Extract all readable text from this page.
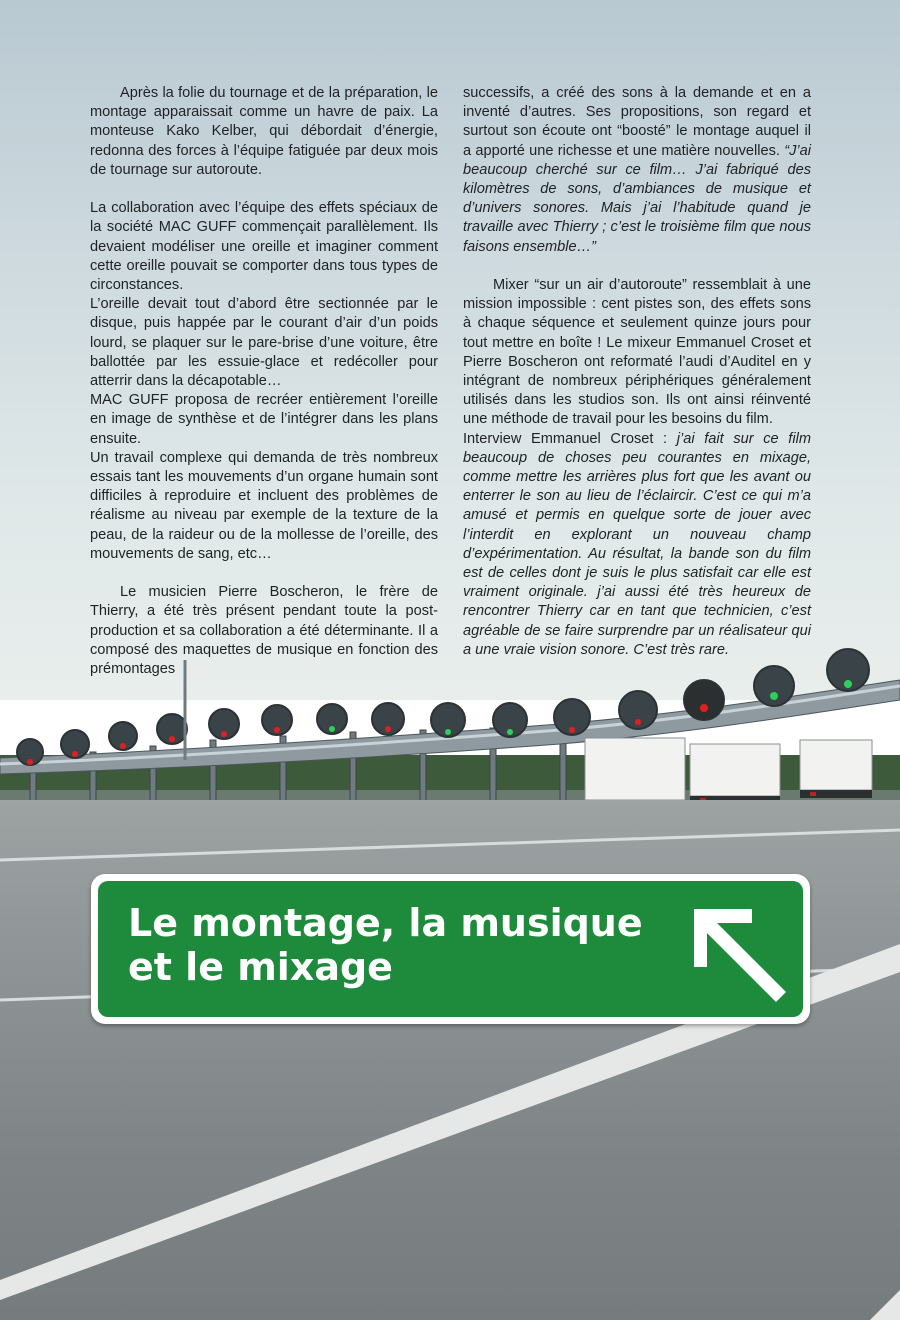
Après la folie du tournage et de la préparation, le montage apparaissait comme un havre de paix. La monteuse Kako Kelber, qui débordait d’énergie, redonna des forces à l’équipe fatiguée par deux mois de tournage sur autoroute.

La collaboration avec l’équipe des effets spéciaux de la société MAC GUFF commençait parallèlement. Ils devaient modéliser une oreille et imaginer comment cette oreille pouvait se comporter dans tous types de circonstances.

L’oreille devait tout d’abord être sectionnée par le disque, puis happée par le courant d’air d’un poids lourd, se plaquer sur le pare-brise d’une voiture, être ballottée par les essuie-glace et redécoller pour atterrir dans la décapotable…

MAC GUFF proposa de recréer entièrement l’oreille en image de synthèse et de l’intégrer dans les plans ensuite.

Un travail complexe qui demanda de très nombreux essais tant les mouvements d’un organe humain sont difficiles à reproduire et incluent des problèmes de réalisme au niveau par exemple de la texture de la peau, de la raideur ou de la mollesse de l’oreille, des mouvements de sang, etc…

Le musicien Pierre Boscheron, le frère de Thierry, a été très présent pendant toute la post-production et sa collaboration a été déterminante. Il a composé des maquettes de musique en fonction des prémontages

successifs, a créé des sons à la demande et en a inventé d’autres. Ses propositions, son regard et surtout son écoute ont “boosté” le montage auquel il a apporté une richesse et une matière nouvelles. “J’ai beaucoup cherché sur ce film… J’ai fabriqué des kilomètres de sons, d’ambiances de musique et d’univers sonores. Mais j’ai l’habitude quand je travaille avec Thierry ; c’est le troisième film que nous faisons ensemble…”

Mixer “sur un air d’autoroute” ressemblait à une mission impossible : cent pistes son, des effets sons à chaque séquence et seulement quinze jours pour tout mettre en boîte ! Le mixeur Emmanuel Croset et Pierre Boscheron ont reformaté l’audi d’Auditel en y intégrant de nombreux périphériques généralement utilisés dans les studios son. Ils ont ainsi réinventé une méthode de travail pour les besoins du film.

Interview Emmanuel Croset : j’ai fait sur ce film beaucoup de choses peu courantes en mixage, comme mettre les arrières plus fort que les avant ou enterrer le son au lieu de l’éclaircir. C’est ce qui m’a amusé et permis en quelque sorte de jouer avec l’interdit en explorant un nouveau champ d’expérimentation. Au résultat, la bande son du film est de celles dont je suis le plus satisfait car elle est vraiment originale. j’ai aussi été très heureux de rencontrer Thierry car en tant que technicien, c’est agréable de se faire surprendre par un réalisateur qui a une vraie vision sonore. C’est très rare.

Le montage, la musique
et le mixage
